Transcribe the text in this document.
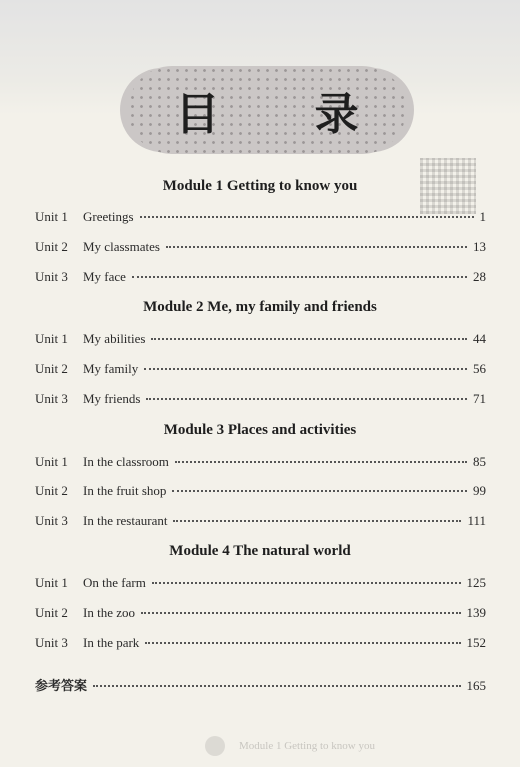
目 录
Module 1 Getting to know you
Unit 1	Greetings	1
Unit 2	My classmates	13
Unit 3	My face	28
Module 2 Me, my family and friends
Unit 1	My abilities	44
Unit 2	My family	56
Unit 3	My friends	71
Module 3 Places and activities
Unit 1	In the classroom	85
Unit 2	In the fruit shop	99
Unit 3	In the restaurant	111
Module 4 The natural world
Unit 1	On the farm	125
Unit 2	In the zoo	139
Unit 3	In the park	152
参考答案	165
Module 1 Getting to know you
